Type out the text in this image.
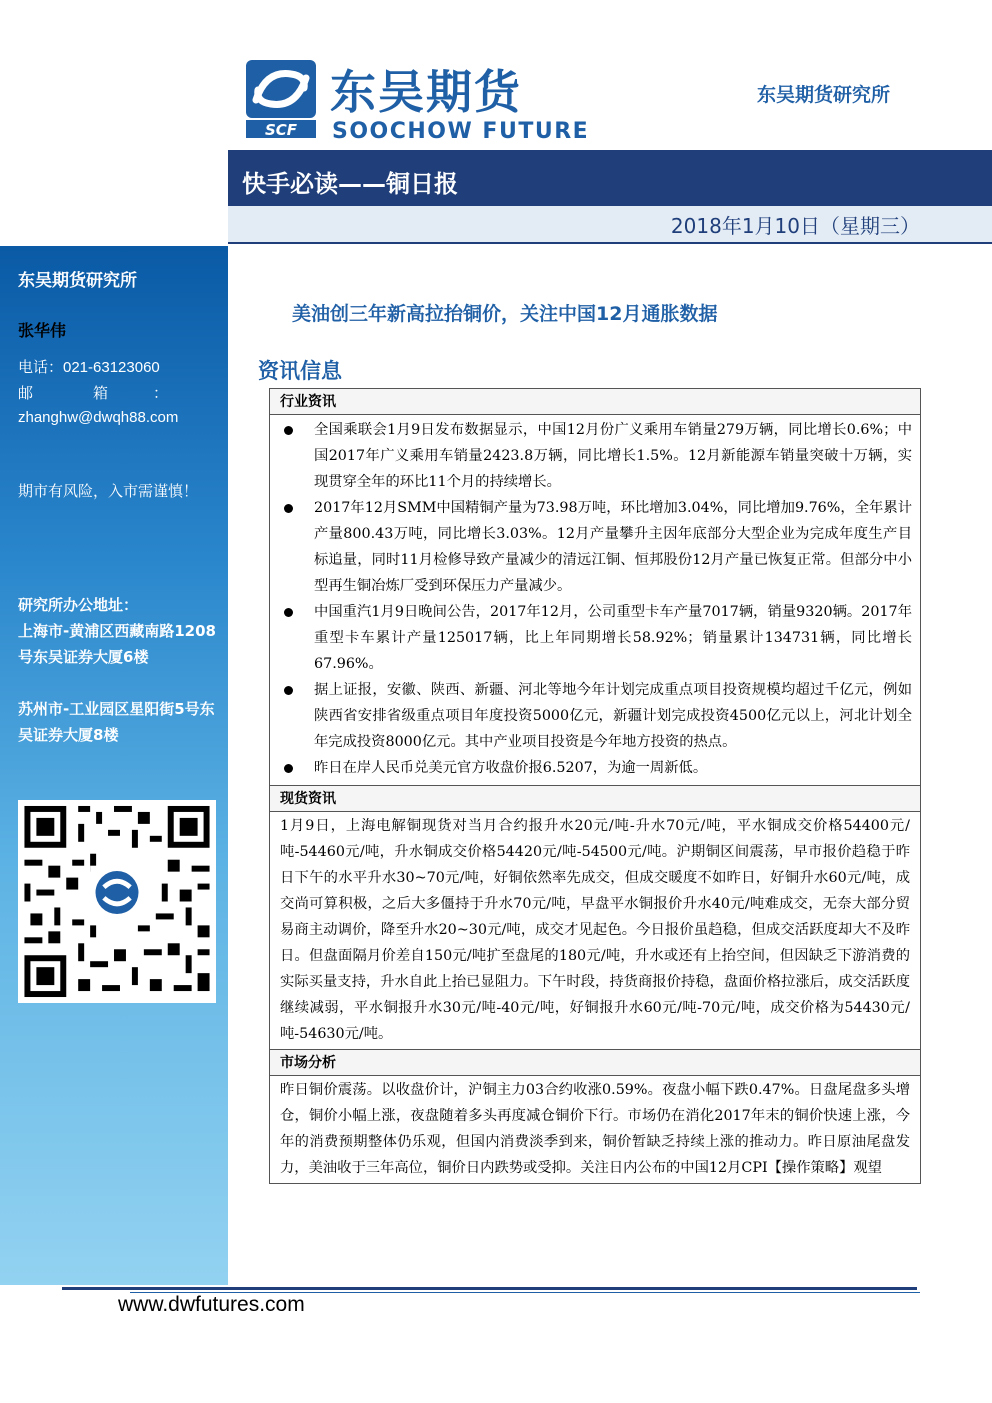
东吴期货研究所
张华伟
电话：021-63123060
邮　　　　箱　　　：
zhanghw@dwqh88.com
期市有风险，入市需谨慎！
研究所办公地址：
上海市-黄浦区西藏南路1208号东吴证券大厦6楼
苏州市-工业园区星阳街5号东吴证券大厦8楼
SCF
东吴期货
SOOCHOW FUTURES
东吴期货研究所
快手必读——铜日报
2018年1月10日（星期三）
美油创三年新高拉抬铜价，关注中国12月通胀数据
资讯信息
行业资讯
全国乘联会1月9日发布数据显示，中国12月份广义乘用车销量279万辆，同比增长0.6%；中国2017年广义乘用车销量2423.8万辆，同比增长1.5%。12月新能源车销量突破十万辆，实现贯穿全年的环比11个月的持续增长。
2017年12月SMM中国精铜产量为73.98万吨，环比增加3.04%，同比增加9.76%，全年累计产量800.43万吨，同比增长3.03%。12月产量攀升主因年底部分大型企业为完成年度生产目标追量，同时11月检修导致产量减少的清远江铜、恒邦股份12月产量已恢复正常。但部分中小型再生铜冶炼厂受到环保压力产量减少。
中国重汽1月9日晚间公告，2017年12月，公司重型卡车产量7017辆，销量9320辆。2017年重型卡车累计产量125017辆，比上年同期增长58.92%；销量累计134731辆，同比增长67.96%。
据上证报，安徽、陕西、新疆、河北等地今年计划完成重点项目投资规模均超过千亿元，例如陕西省安排省级重点项目年度投资5000亿元，新疆计划完成投资4500亿元以上，河北计划全年完成投资8000亿元。其中产业项目投资是今年地方投资的热点。
昨日在岸人民币兑美元官方收盘价报6.5207，为逾一周新低。
现货资讯
1月9日，上海电解铜现货对当月合约报升水20元/吨-升水70元/吨，平水铜成交价格54400元/吨-54460元/吨，升水铜成交价格54420元/吨-54500元/吨。沪期铜区间震荡，早市报价趋稳于昨日下午的水平升水30~70元/吨，好铜依然率先成交，但成交暖度不如昨日，好铜升水60元/吨，成交尚可算积极，之后大多僵持于升水70元/吨，早盘平水铜报价升水40元/吨难成交，无奈大部分贸易商主动调价，降至升水20~30元/吨，成交才见起色。今日报价虽趋稳，但成交活跃度却大不及昨日。但盘面隔月价差自150元/吨扩至盘尾的180元/吨，升水或还有上抬空间，但因缺乏下游消费的实际买量支持，升水自此上抬已显阻力。下午时段，持货商报价持稳，盘面价格拉涨后，成交活跃度继续减弱，平水铜报升水30元/吨-40元/吨，好铜报升水60元/吨-70元/吨，成交价格为54430元/吨-54630元/吨。
市场分析
昨日铜价震荡。以收盘价计，沪铜主力03合约收涨0.59%。夜盘小幅下跌0.47%。日盘尾盘多头增仓，铜价小幅上涨，夜盘随着多头再度减仓铜价下行。市场仍在消化2017年末的铜价快速上涨，今年的消费预期整体仍乐观，但国内消费淡季到来，铜价暂缺乏持续上涨的推动力。昨日原油尾盘发力，美油收于三年高位，铜价日内跌势或受抑。关注日内公布的中国12月CPI【操作策略】观望
www.dwfutures.com
